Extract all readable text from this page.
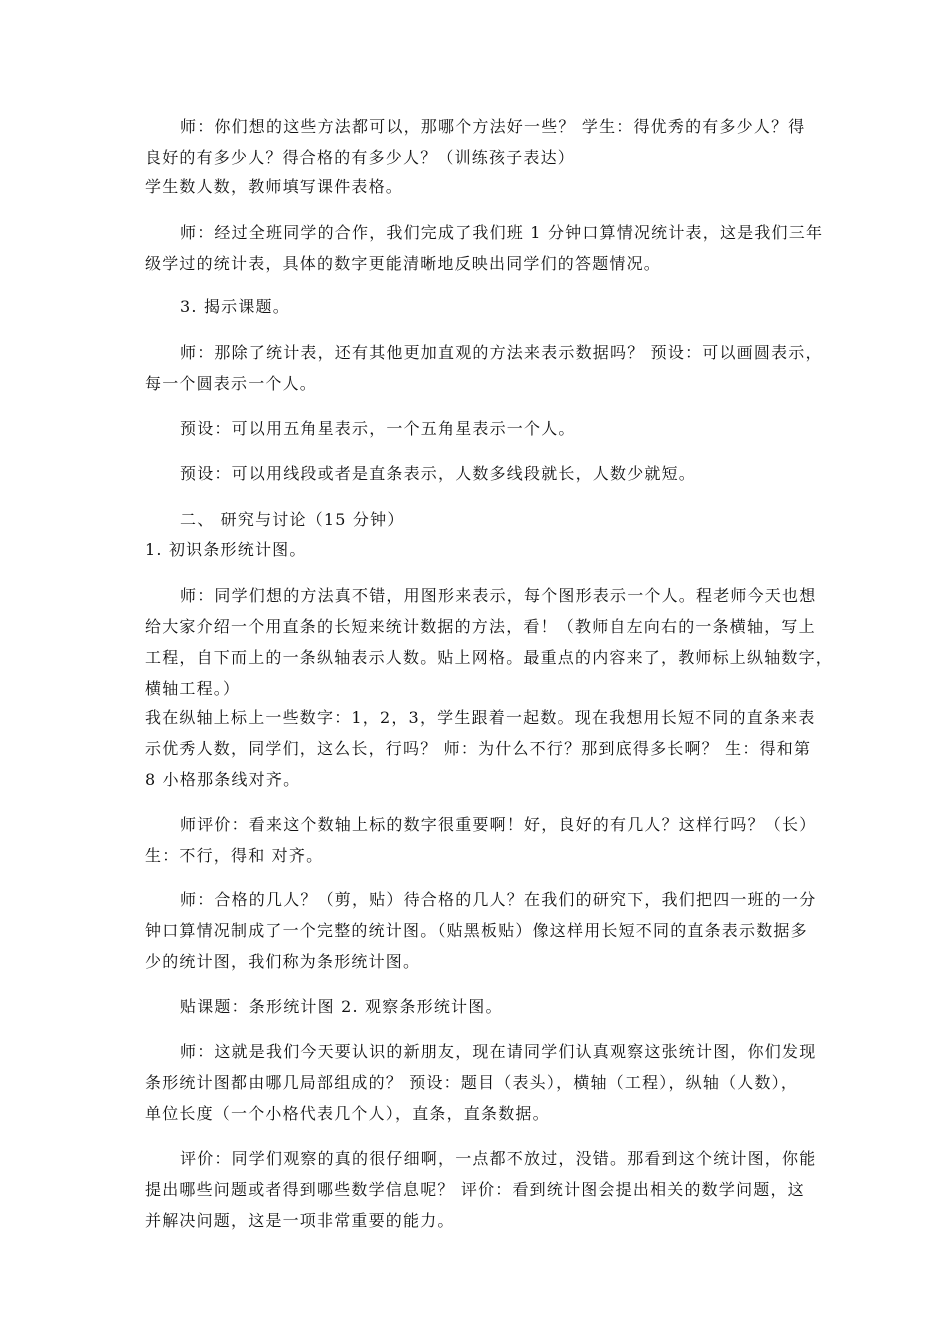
师：你们想的这些方法都可以，那哪个方法好一些？ 学生：得优秀的有多少人？得
良好的有多少人？得合格的有多少人？（训练孩子表达）
学生数人数，教师填写课件表格。
师：经过全班同学的合作，我们完成了我们班 1 分钟口算情况统计表，这是我们三年
级学过的统计表，具体的数字更能清晰地反映出同学们的答题情况。
3. 揭示课题。
师：那除了统计表，还有其他更加直观的方法来表示数据吗？ 预设：可以画圆表示，
每一个圆表示一个人。
预设：可以用五角星表示，一个五角星表示一个人。
预设：可以用线段或者是直条表示，人数多线段就长，人数少就短。
二、 研究与讨论（15 分钟）
1. 初识条形统计图。
师：同学们想的方法真不错，用图形来表示，每个图形表示一个人。程老师今天也想
给大家介绍一个用直条的长短来统计数据的方法，看！（教师自左向右的一条横轴，写上
工程，自下而上的一条纵轴表示人数。贴上网格。最重点的内容来了，教师标上纵轴数字，
横轴工程。）
我在纵轴上标上一些数字：1，2，3，学生跟着一起数。现在我想用长短不同的直条来表
示优秀人数，同学们，这么长，行吗？ 师：为什么不行？那到底得多长啊？ 生：得和第
8 小格那条线对齐。
师评价：看来这个数轴上标的数字很重要啊！好，良好的有几人？这样行吗？（长）
生：不行，得和 对齐。
师：合格的几人？（剪，贴）待合格的几人？在我们的研究下，我们把四一班的一分
钟口算情况制成了一个完整的统计图。（贴黑板贴）像这样用长短不同的直条表示数据多
少的统计图，我们称为条形统计图。
贴课题：条形统计图 2. 观察条形统计图。
师：这就是我们今天要认识的新朋友，现在请同学们认真观察这张统计图，你们发现
条形统计图都由哪几局部组成的？ 预设：题目（表头），横轴（工程），纵轴（人数），
单位长度（一个小格代表几个人），直条，直条数据。
评价：同学们观察的真的很仔细啊，一点都不放过，没错。那看到这个统计图，你能
提出哪些问题或者得到哪些数学信息呢？ 评价：看到统计图会提出相关的数学问题，这
并解决问题，这是一项非常重要的能力。
